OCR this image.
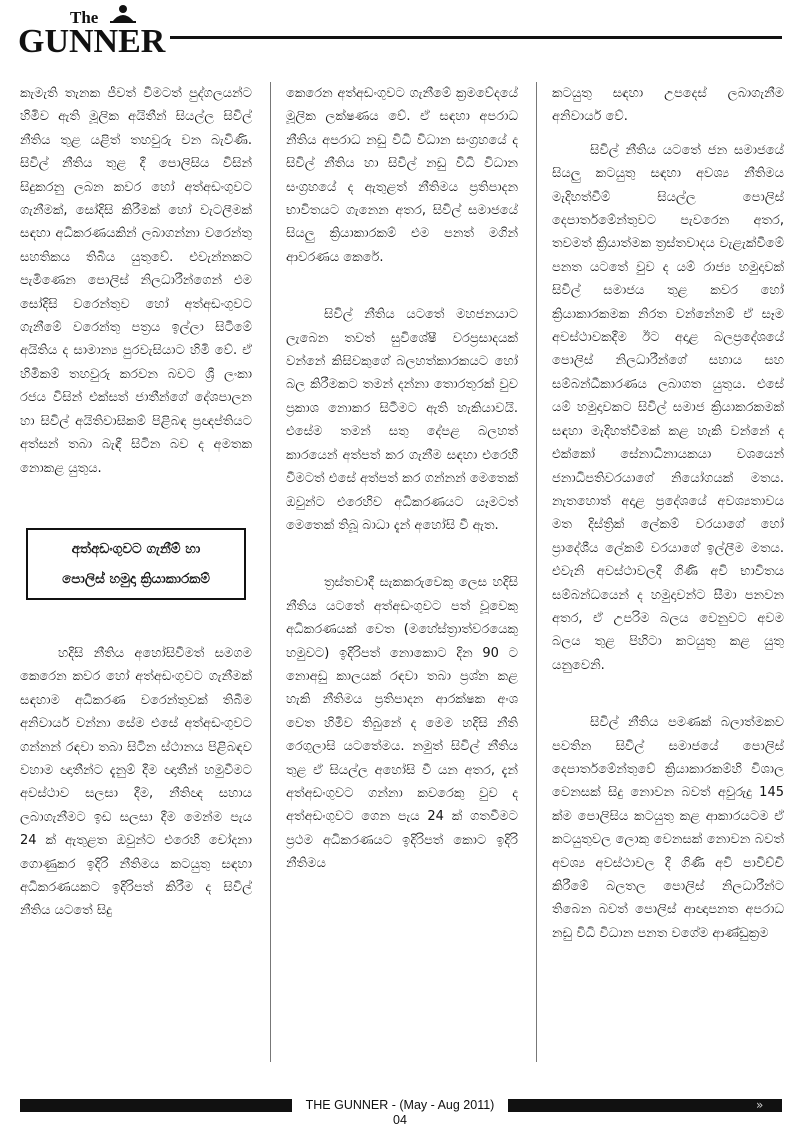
The
GUNNER

කැමැති තැනක ජීවත් වීමටත් පුද්ගලයන්ට හිමිව ඇති මූලික අයිතීන් සියල්ල සිවිල් නීතිය තුළ යළිත් තහවුරු වන බැවිණි. සිවිල් නීතිය තුළ දී පොලිසිය විසින් සිදුකරනු ලබන කවර හෝ අත්අඩංගුවට ගැනීමක්, සෝදිසි කිරීමක් හෝ වැටලීමක් සඳහා අධිකරණයකින් ලබාගන්නා වරෙන්තු සහතිකය තිබිය යුතුවේ. එවැන්නකට පැමිණෙන පොලිස් නිලධාරීන්ගෙන් එම සෝදිසි වරෙන්තුව හෝ අත්අඩංගුවට ගැනීමේ වරෙන්තු පත්‍රය ඉල්ලා සිටීමේ අයිතිය ද සාමාන්‍ය පුරවැසියාට හිමි වේ. ඒ හිමිකම් තහවුරු කරවන බවට ශ්‍රී ලංකා රජය විසින් එක්සත් ජාතීන්ගේ දේශපාලන හා සිවිල් අයිතිවාසිකම් පිළිබඳ ප්‍රඥප්තියට අත්සන් තබා බැඳී සිටින බව ද අමතක නොකළ යුතුය.

අත්අඩංගුවට ගැනීම් හා
පොලිස් හමුදා ක්‍රියාකාරකම්

හදිසි නීතිය අහෝසිවීමත් සමගම කෙරෙන කවර හෝ අත්අඩංගුවට ගැනීමක් සඳහාම අධිකරණ වරෙන්තුවක් තිබීම අනිවාර්ය වන්නා සේම එසේ අත්අඩංගුවට ගන්නන් රඳවා තබා සිටින ස්ථානය පිළිබඳව වහාම ඥාතීන්ට දැනුම් දීම ඥාතීන් හමුවීමට අවස්ථාව සලසා දීම, නීතිඥ සහාය ලබාගැනීමට ඉඩ සලසා දීම මෙන්ම පැය 24 ක් ඇතුළත ඔවුන්ට එරෙහි චෝදනා ගොණුකර ඉදිරි නීතිමය කටයුතු සඳහා අධිකරණයකට ඉදිරිපත් කිරීම ද සිවිල් නීතිය යටතේ සිදු

කෙරෙන අත්අඩංගුවට ගැනීමේ ක්‍රමවේදයේ මූලික ලක්ෂණය වේ. ඒ සඳහා අපරාධ නීතිය අපරාධ නඩු විධි විධාන සංග්‍රහයේ ද සිවිල් නීතිය හා සිවිල් නඩු විධි විධාන සංග්‍රහයේ ද ඇතුළත් නීතිමය ප්‍රතිපාදන භාවිතයට ගැනෙන අතර, සිවිල් සමාජයේ සියලු ක්‍රියාකාරකම් එම පනත් මගින් ආවරණය කෙරේ.

සිවිල් නීතිය යටතේ මහජනයාට ලැබෙන තවත් සුවිශේෂී වරප්‍රසාදයක් වන්නේ කිසිවකුගේ බලහත්කාරකයට හෝ බල කිරීමකට තමන් දන්නා තොරතුරක් වුව ප්‍රකාශ නොකර සිටීමට ඇති හැකියාවයි. එසේම තමන් සතු දේපළ බලහත් කාරයෙන් අත්පත් කර ගැනීම සඳහා එරෙහි වීමටත් එසේ අත්පත් කර ගන්නන් මෙතෙක් ඔවුන්ට එරෙහිව අධිකරණයට යෑමටත් මෙතෙක් තිබූ බාධා දැන් අහෝසි වී ඇත.

ත්‍රස්තවාදී සැකකරුවෙකු ලෙස හදිසි නීතිය යටතේ අත්අඩංගුවට පත් වූවෙකු අධිකරණයක් වෙත (මහේස්ත්‍රාත්වරයෙකු හමුවට) ඉදිරිපත් නොකොට දින 90 ට නොඅඩු කාලයක් රඳවා තබා ප්‍රශ්න කළ හැකි නීතිමය ප්‍රතිපාදන ආරක්ෂක අංශ වෙත හිමිව තිබුනේ ද මෙම හදිසි නීති රෙගුලාසි යටතේමය. නමුත් සිවිල් නීතිය තුළ ඒ සියල්ල අහෝසි වී යන අතර, දැන් අත්අඩංගුවට ගන්නා කවරෙකු වුව ද අත්අඩංගුවට ගෙන පැය 24 ක් ගතවීමට ප්‍රථම අධිකරණයට ඉදිරිපත් කොට ඉදිරි නීතිමය

කටයුතු සඳහා උපදෙස් ලබාගැනීම අනිවාර්ය වේ.

සිවිල් නීතිය යටතේ ජන සමාජයේ සියලු කටයුතු සඳහා අවශ්‍ය නීතිමය මැදිහත්වීම් සියල්ල පොලිස් දෙපාර්තමේන්තුවට පැවරෙන අතර, තවමත් ක්‍රියාත්මක ත්‍රස්තවාදය වැළැක්වීමේ පනත යටතේ වුව ද යම් රාජ්‍ය හමුදාවක් සිවිල් සමාජය තුළ කවර හෝ ක්‍රියාකාරකමක නිරත වන්නේනම් ඒ සෑම අවස්ථාවකදීම ඊට අදාළ බලප්‍රදේශයේ පොලිස් නිලධාරීන්ගේ සහාය සහ සම්බන්ධීකාරණය ලබාගත යුතුය. එසේ යම් හමුදාවකට සිවිල් සමාජ ක්‍රියාකරකමක් සඳහා මැදිහත්වීමක් කළ හැකි වන්නේ ද එක්කෝ සේනාධිනායකයා වශයෙන් ජනාධිපතිවරයාගේ නියෝගයක් මතය. නැතහොත් අදාළ ප්‍රදේශයේ අවශ්‍යතාවය මත දිස්ත්‍රික් ලේකම් වරයාගේ හෝ ප්‍රාදේශීය ලේකම් වරයාගේ ඉල්ලීම මතය. එවැනි අවස්ථාවලදී ගිණි අවි භාවිතය සම්බන්ධයෙන් ද හමුදාවන්ට සීමා පනවන අතර, ඒ උපරිම බලය වෙනුවට අවම බලය තුළ පිහිටා කටයුතු කළ යුතු යනුවෙනි.

සිවිල් නීතිය පමණක් බලාත්මකව පවතින සිවිල් සමාජයේ පොලිස් දෙපාර්තමේන්තුවේ ක්‍රියාකාරකම්හි විශාල වෙනසක් සිදු නොවන බවත් අවුරුදු 145 ක්ම පොලිසිය කටයුතු කළ ආකාරයටම ඒ කටයුතුවල ලොකු වෙනසක් නොවන බවත් අවශ්‍ය අවස්ථාවල දී ගිණි අවි පාවිච්චි කිරීමේ බලතල පොලිස් නිලධාරීන්ට තිබෙන බවත් පොලිස් ආඥාපනත අපරාධ නඩු විධි විධාන පනත වගේම ආණ්ඩුක්‍රම

THE GUNNER - (May - Aug 2011)	»
04
